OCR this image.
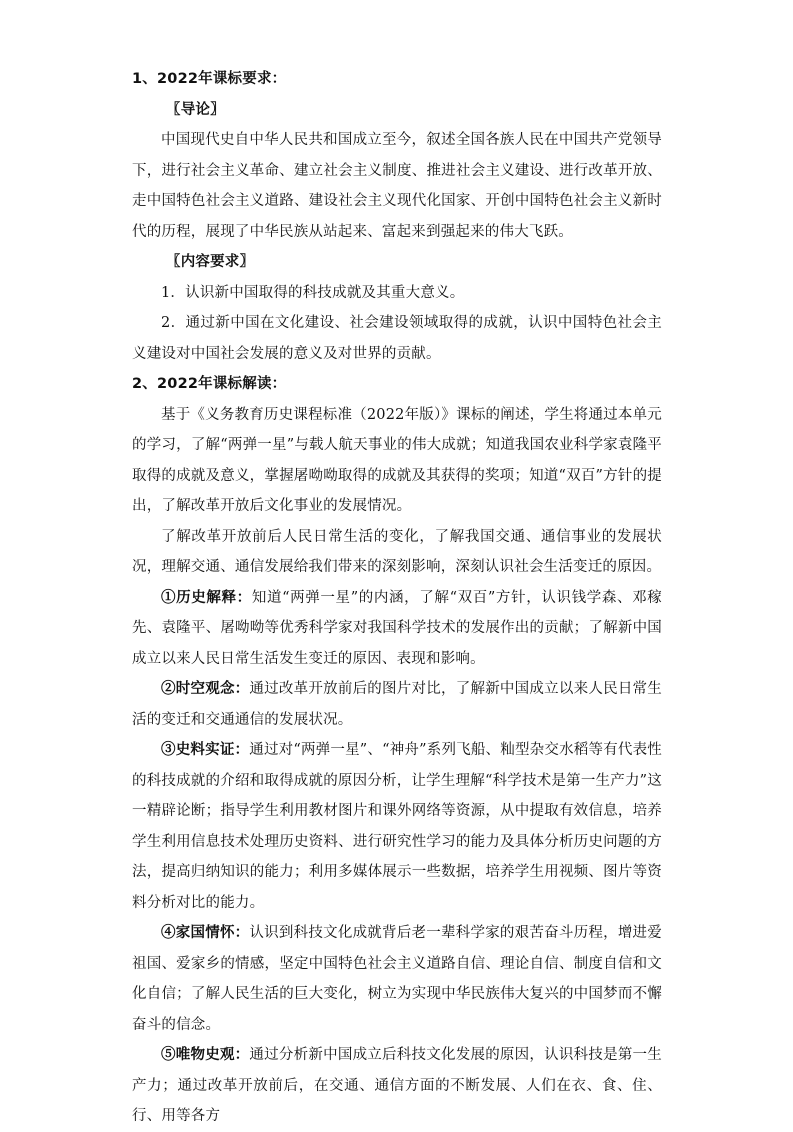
1、2022年课标要求：

〖导论〗

中国现代史自中华人民共和国成立至今，叙述全国各族人民在中国共产党领导下，进行社会主义革命、建立社会主义制度、推进社会主义建设、进行改革开放、走中国特色社会主义道路、建设社会主义现代化国家、开创中国特色社会主义新时代的历程，展现了中华民族从站起来、富起来到强起来的伟大飞跃。

〖内容要求〗

1．认识新中国取得的科技成就及其重大意义。

2．通过新中国在文化建设、社会建设领域取得的成就，认识中国特色社会主义建设对中国社会发展的意义及对世界的贡献。

2、2022年课标解读：

基于《义务教育历史课程标准（2022年版）》课标的阐述，学生将通过本单元的学习，了解“两弹一星”与载人航天事业的伟大成就；知道我国农业科学家袁隆平取得的成就及意义，掌握屠呦呦取得的成就及其获得的奖项；知道“双百”方针的提出，了解改革开放后文化事业的发展情况。

了解改革开放前后人民日常生活的变化，了解我国交通、通信事业的发展状况，理解交通、通信发展给我们带来的深刻影响，深刻认识社会生活变迁的原因。

①历史解释：知道“两弹一星”的内涵，了解“双百”方针，认识钱学森、邓稼先、袁隆平、屠呦呦等优秀科学家对我国科学技术的发展作出的贡献；了解新中国成立以来人民日常生活发生变迁的原因、表现和影响。

②时空观念：通过改革开放前后的图片对比，了解新中国成立以来人民日常生活的变迁和交通通信的发展状况。

③史料实证：通过对“两弹一星”、“神舟”系列飞船、籼型杂交水稻等有代表性的科技成就的介绍和取得成就的原因分析，让学生理解“科学技术是第一生产力”这一精辟论断；指导学生利用教材图片和课外网络等资源，从中提取有效信息，培养学生利用信息技术处理历史资料、进行研究性学习的能力及具体分析历史问题的方法，提高归纳知识的能力；利用多媒体展示一些数据，培养学生用视频、图片等资料分析对比的能力。

④家国情怀：认识到科技文化成就背后老一辈科学家的艰苦奋斗历程，增进爱祖国、爱家乡的情感，坚定中国特色社会主义道路自信、理论自信、制度自信和文化自信；了解人民生活的巨大变化，树立为实现中华民族伟大复兴的中国梦而不懈奋斗的信念。

⑤唯物史观：通过分析新中国成立后科技文化发展的原因，认识科技是第一生产力；通过改革开放前后，在交通、通信方面的不断发展、人们在衣、食、住、行、用等各方
